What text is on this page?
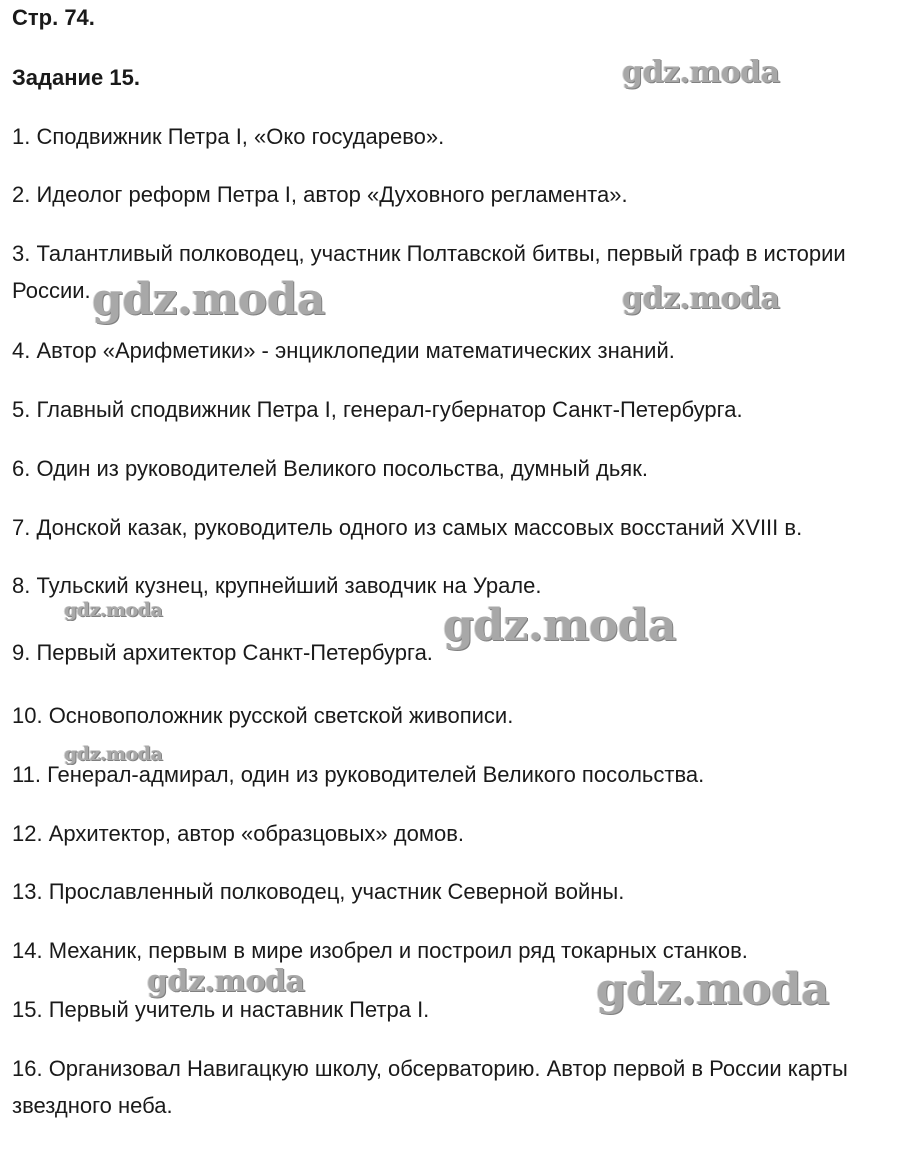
Стр. 74.
Задание 15.

1. Сподвижник Петра I, «Око государево».

2. Идеолог реформ Петра I, автор «Духовного регламента».

3. Талантливый полководец, участник Полтавской битвы, первый граф в истории России.

4. Автор «Арифметики» - энциклопедии математических знаний.

5. Главный сподвижник Петра I, генерал-губернатор Санкт-Петербурга.

6. Один из руководителей Великого посольства, думный дьяк.

7. Донской казак, руководитель одного из самых массовых восстаний XVIII в.

8. Тульский кузнец, крупнейший заводчик на Урале.

9. Первый архитектор Санкт-Петербурга.

10. Основоположник русской светской живописи.

11. Генерал-адмирал, один из руководителей Великого посольства.

12. Архитектор, автор «образцовых» домов.

13. Прославленный полководец, участник Северной войны.

14. Механик, первым в мире изобрел и построил ряд токарных станков.

15. Первый учитель и наставник Петра I.

16. Организовал Навигацкую школу, обсерваторию. Автор первой в России карты звездного неба.

gdz.moda
gdz.moda	gdz.moda
gdz.moda	gdz.moda
gdz.moda
gdz.moda	gdz.moda
